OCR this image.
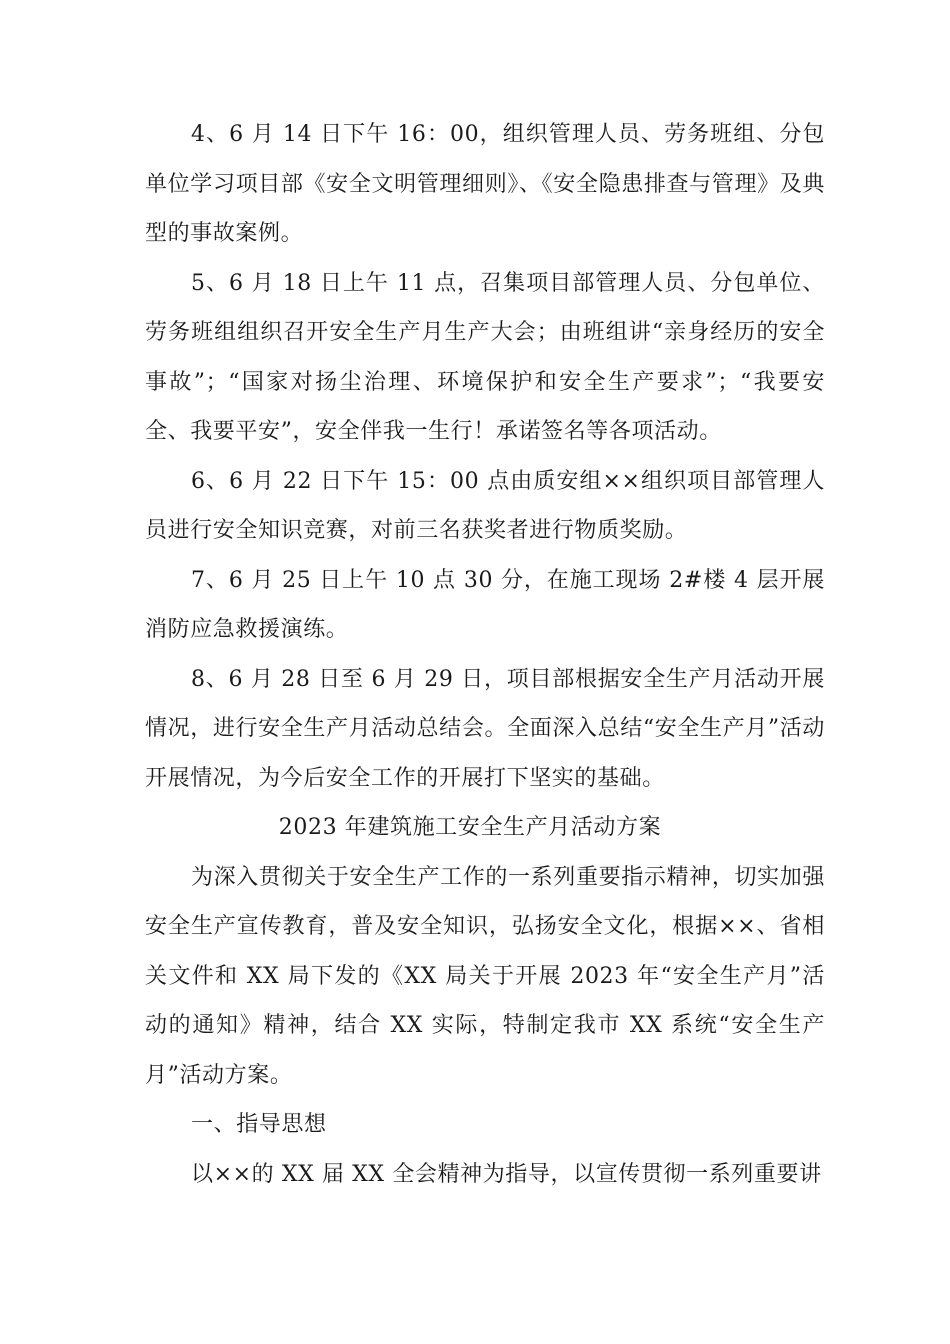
4、6 月 14 日下午 16：00，组织管理人员、劳务班组、分包单位学习项目部《安全文明管理细则》、《安全隐患排查与管理》及典型的事故案例。

5、6 月 18 日上午 11 点，召集项目部管理人员、分包单位、劳务班组组织召开安全生产月生产大会；由班组讲“亲身经历的安全事故”；“国家对扬尘治理、环境保护和安全生产要求”；“我要安全、我要平安”，安全伴我一生行！承诺签名等各项活动。

6、6 月 22 日下午 15：00 点由质安组××组织项目部管理人员进行安全知识竞赛，对前三名获奖者进行物质奖励。

7、6 月 25 日上午 10 点 30 分，在施工现场 2#楼 4 层开展消防应急救援演练。

8、6 月 28 日至 6 月 29 日，项目部根据安全生产月活动开展情况，进行安全生产月活动总结会。全面深入总结“安全生产月”活动开展情况，为今后安全工作的开展打下坚实的基础。

2023 年建筑施工安全生产月活动方案

为深入贯彻关于安全生产工作的一系列重要指示精神，切实加强安全生产宣传教育，普及安全知识，弘扬安全文化，根据××、省相关文件和 XX 局下发的《XX 局关于开展 2023 年“安全生产月”活动的通知》精神，结合 XX 实际，特制定我市 XX 系统“安全生产月”活动方案。

一、指导思想

以××的 XX 届 XX 全会精神为指导，以宣传贯彻一系列重要讲
